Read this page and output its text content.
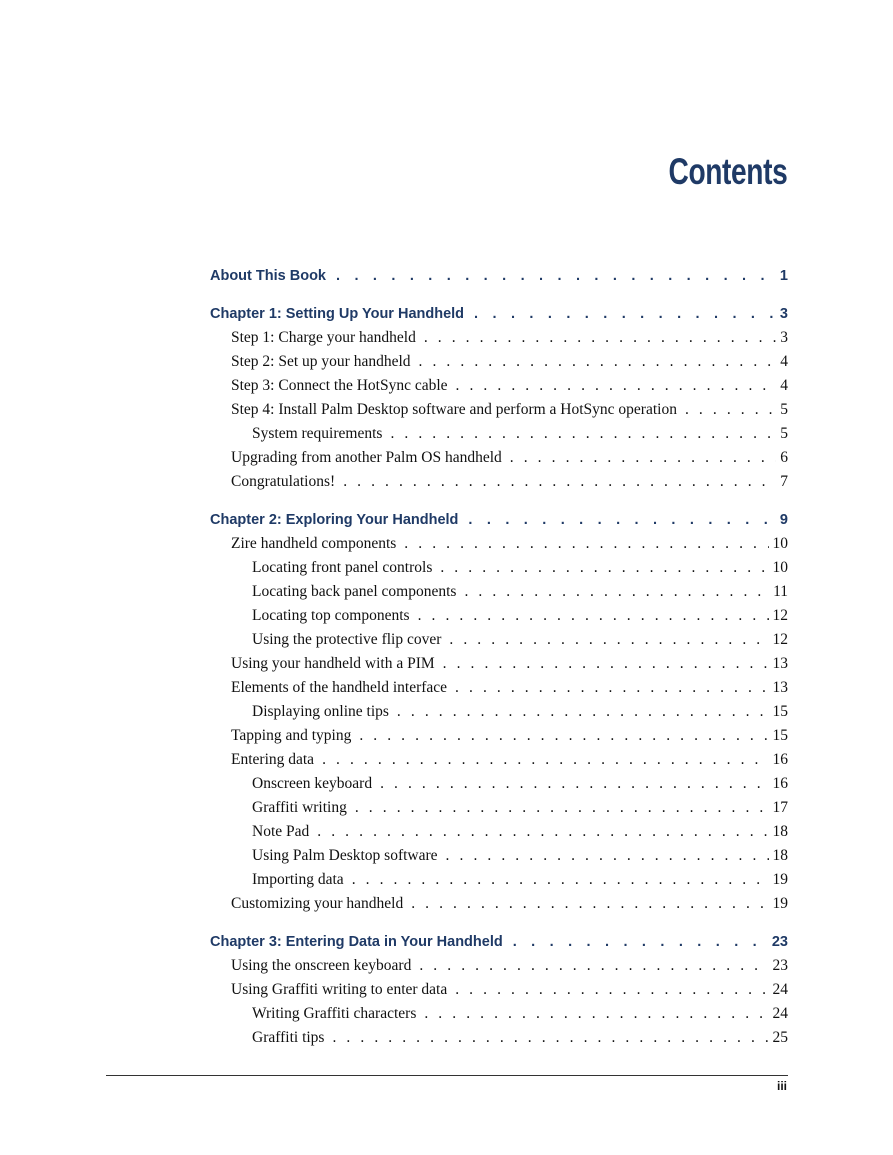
Contents
About This Book . . .	1
Chapter 1: Setting Up Your Handheld . . .	3
Step 1: Charge your handheld . . .	3
Step 2: Set up your handheld . . .	4
Step 3: Connect the HotSync cable . . .	4
Step 4: Install Palm Desktop software and perform a HotSync operation . . .	5
System requirements . . .	5
Upgrading from another Palm OS handheld . . .	6
Congratulations! . . .	7
Chapter 2: Exploring Your Handheld . . .	9
Zire handheld components . . .	10
Locating front panel controls . . .	10
Locating back panel components . . .	11
Locating top components . . .	12
Using the protective flip cover . . .	12
Using your handheld with a PIM . . .	13
Elements of the handheld interface . . .	13
Displaying online tips . . .	15
Tapping and typing . . .	15
Entering data . . .	16
Onscreen keyboard . . .	16
Graffiti writing . . .	17
Note Pad . . .	18
Using Palm Desktop software . . .	18
Importing data . . .	19
Customizing your handheld . . .	19
Chapter 3: Entering Data in Your Handheld . . .	23
Using the onscreen keyboard . . .	23
Using Graffiti writing to enter data . . .	24
Writing Graffiti characters . . .	24
Graffiti tips . . .	25
iii
